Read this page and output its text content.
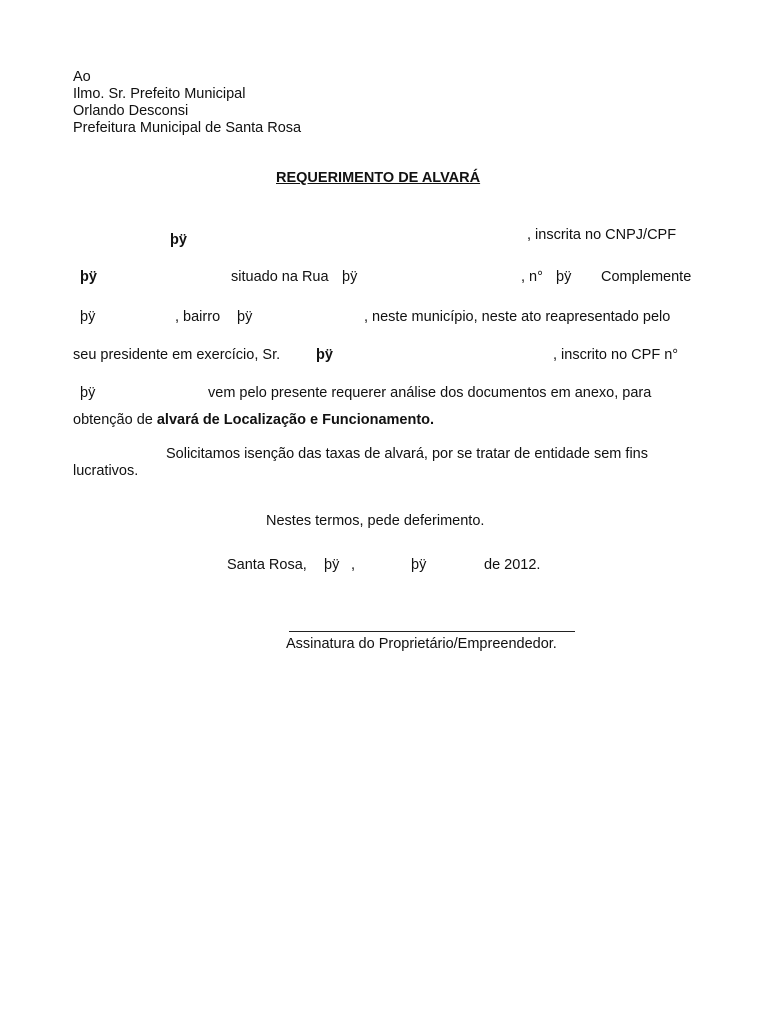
Ao
Ilmo. Sr. Prefeito Municipal
Orlando Desconsi
Prefeitura Municipal de Santa Rosa
REQUERIMENTO DE ALVARÁ
þÿ	, inscrita no CNPJ/CPF
þÿ	situado na Rua þÿ	, n° þÿ Complemente
þÿ	, bairro þÿ	, neste município, neste ato reapresentado pelo
seu presidente em exercício, Sr. þÿ	, inscrito no CPF n°
þÿ	vem pelo presente requerer análise dos documentos em anexo, para
obtenção de alvará de Localização e Funcionamento.
Solicitamos isenção das taxas de alvará, por se tratar de entidade sem fins
lucrativos.
Nestes termos, pede deferimento.
Santa Rosa, þÿ ,	þÿ	de 2012.
Assinatura do Proprietário/Empreendedor.
